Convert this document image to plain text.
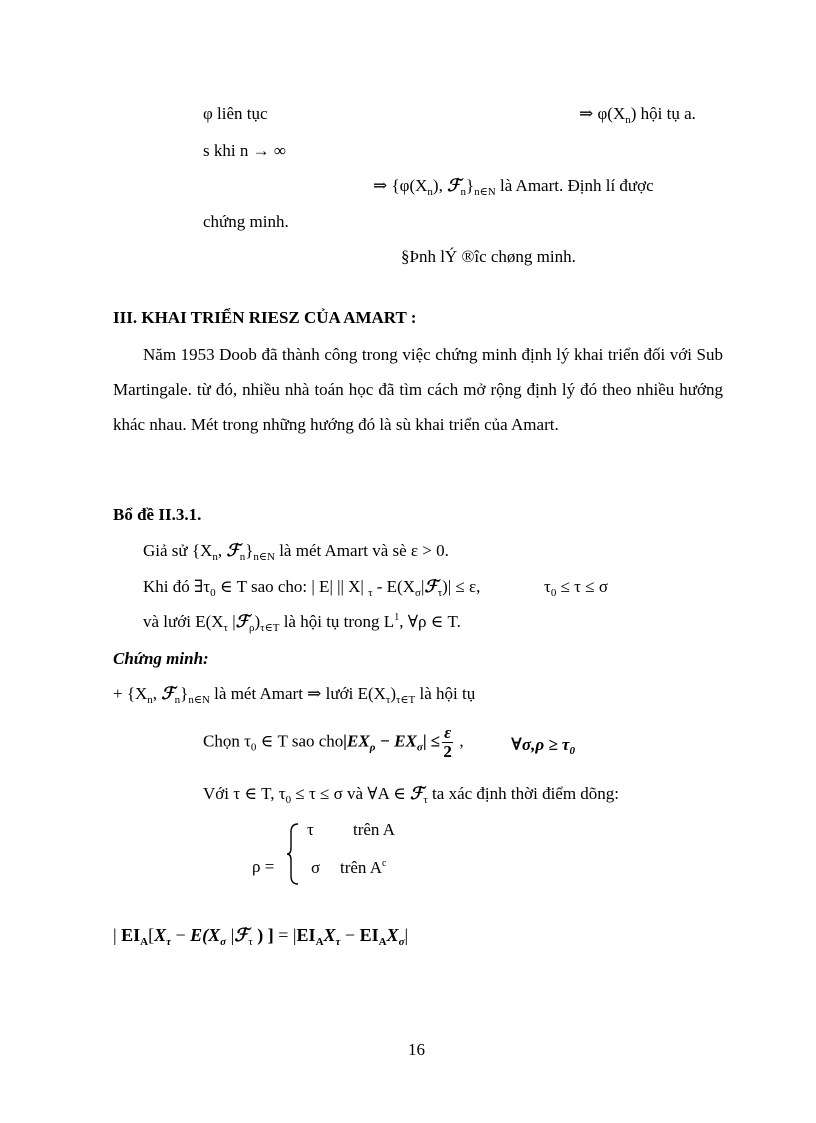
φ liên tục	⇒ $\varphi(X_n)$ hội tụ a.
s khi n → ∞
⇒ {$\varphi(X_n)$, $ℱ_n\}_{n\in N}$ là Amart. Định lí được
chứng minh.
§Þnh lÝ ®îc chøng minh.
III. KHAI TRIỂN RIESZ CỦA AMART :
Năm 1953 Doob đã thành công trong việc chứng minh định lý khai triển đối với Sub Martingale. từ đó, nhiều nhà toán học đã tìm cách mở rộng định lý đó theo nhiều hướng khác nhau. Mét trong những hướng đó là sù khai triển của Amart.
Bổ đề II.3.1.
Giả sử {$X_n$, $ℱ_n\}_{n\in N}$ là mét Amart và sè ε > 0.
Khi đó $\exists\tau_0$ ∈ T sao cho: | E| || X| $_\tau - E(X_\sigma|ℱ_\tau)| \le \varepsilon$,	$\tau_0 \le \tau \le \sigma$
và lưới $E(X_\tau$ $|ℱ_\rho)_{\tau\in T}$ là hội tụ trong $L^1$, ∀ρ ∈ T.
Chứng minh:
+ {$X_n$, $ℱ_n\}_{n\in N}$ là mét Amart ⇒ lưới $E(X_\tau)_{\tau\in T}$ là hội tụ
Chọn $\tau_0$ ∈ T sao $cho|EX_\rho - EX_\sigma| \le \frac{\varepsilon}{2}$ ,	∀σ,ρ ≥ $\tau_0$
Với τ ∈ T, $\tau_0 \le \tau \le \sigma$ và ∀A ∈ ℱ$_\tau$ ta xác định thời điểm dõng:
ρ =
τ trên A
σ trên $A^c$
| $EI_A[X_\tau - E(X_\sigma$ |ℱ$_\tau$ ) ] = $|EI_AX_\tau - EI_AX_\sigma|$
16
